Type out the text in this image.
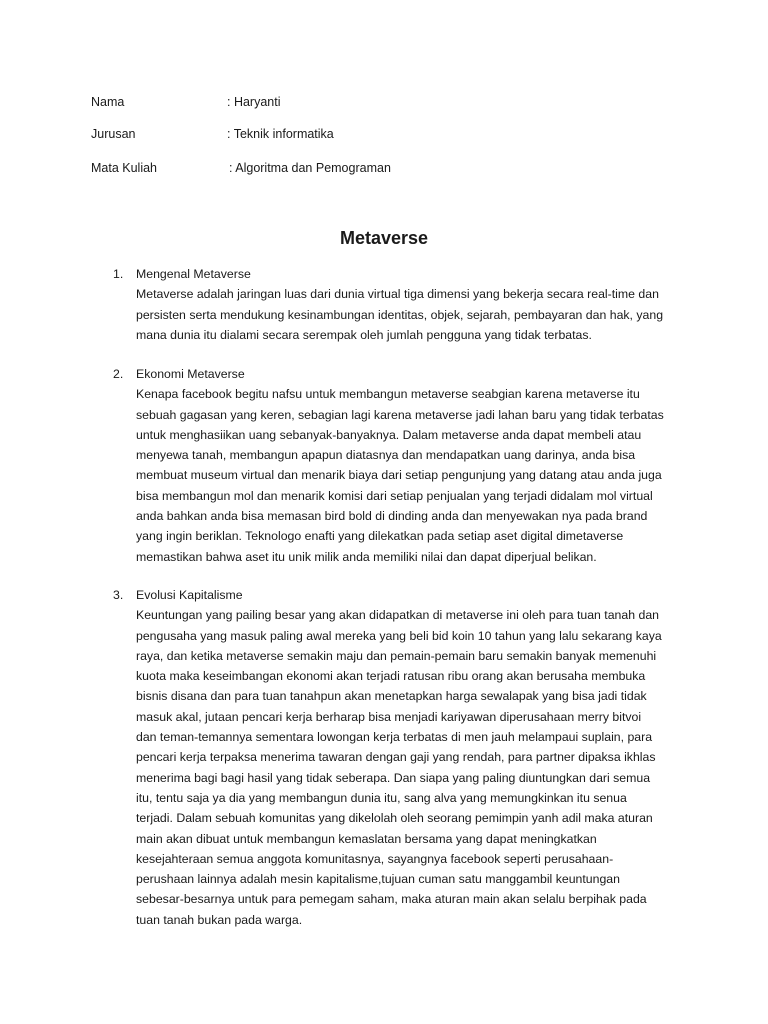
Nama	: Haryanti
Jurusan	: Teknik informatika
Mata Kuliah	: Algoritma dan Pemograman
Metaverse
1. Mengenal Metaverse
Metaverse adalah jaringan luas dari dunia virtual tiga dimensi yang bekerja secara real-time dan
persisten serta mendukung kesinambungan identitas, objek, sejarah, pembayaran dan hak, yang
mana dunia itu dialami secara serempak oleh jumlah pengguna yang tidak terbatas.
2. Ekonomi Metaverse
Kenapa facebook begitu nafsu untuk membangun metaverse seabgian karena metaverse itu
sebuah gagasan yang keren, sebagian lagi karena metaverse jadi lahan baru yang tidak terbatas
untuk menghasiikan uang sebanyak-banyaknya. Dalam metaverse anda dapat membeli atau
menyewa tanah, membangun apapun diatasnya dan mendapatkan uang darinya, anda bisa
membuat museum virtual dan menarik biaya dari setiap pengunjung yang datang atau anda juga
bisa membangun mol dan menarik komisi dari setiap penjualan yang terjadi didalam mol virtual
anda bahkan anda bisa memasan bird bold di dinding anda dan menyewakan nya pada brand
yang ingin beriklan. Teknologo enafti yang dilekatkan pada setiap aset digital dimetaverse
memastikan bahwa aset itu unik milik anda memiliki nilai dan dapat diperjual belikan.
3. Evolusi Kapitalisme
Keuntungan yang pailing besar yang akan didapatkan di metaverse ini oleh para tuan tanah dan
pengusaha yang masuk paling awal mereka yang beli bid koin 10 tahun yang lalu sekarang kaya
raya, dan ketika metaverse semakin maju dan pemain-pemain baru semakin banyak memenuhi
kuota maka keseimbangan ekonomi akan terjadi ratusan ribu orang akan berusaha membuka
bisnis disana dan para tuan tanahpun akan menetapkan harga sewalapak yang bisa jadi tidak
masuk akal, jutaan pencari kerja berharap bisa menjadi kariyawan diperusahaan merry bitvoi
dan teman-temannya sementara lowongan kerja terbatas di men jauh melampaui suplain, para
pencari kerja terpaksa menerima tawaran dengan gaji yang rendah, para partner dipaksa ikhlas
menerima bagi bagi hasil yang tidak seberapa. Dan siapa yang paling diuntungkan dari semua
itu, tentu saja ya dia yang membangun dunia itu, sang alva yang memungkinkan itu senua
terjadi. Dalam sebuah komunitas yang dikelolah oleh seorang pemimpin yanh adil maka aturan
main akan dibuat untuk membangun kemaslatan bersama yang dapat meningkatkan
kesejahteraan semua anggota komunitasnya, sayangnya facebook seperti perusahaan-
perushaan lainnya adalah mesin kapitalisme,tujuan cuman satu manggambil keuntungan
sebesar-besarnya untuk para pemegam saham, maka aturan main akan selalu berpihak pada
tuan tanah bukan pada warga.
